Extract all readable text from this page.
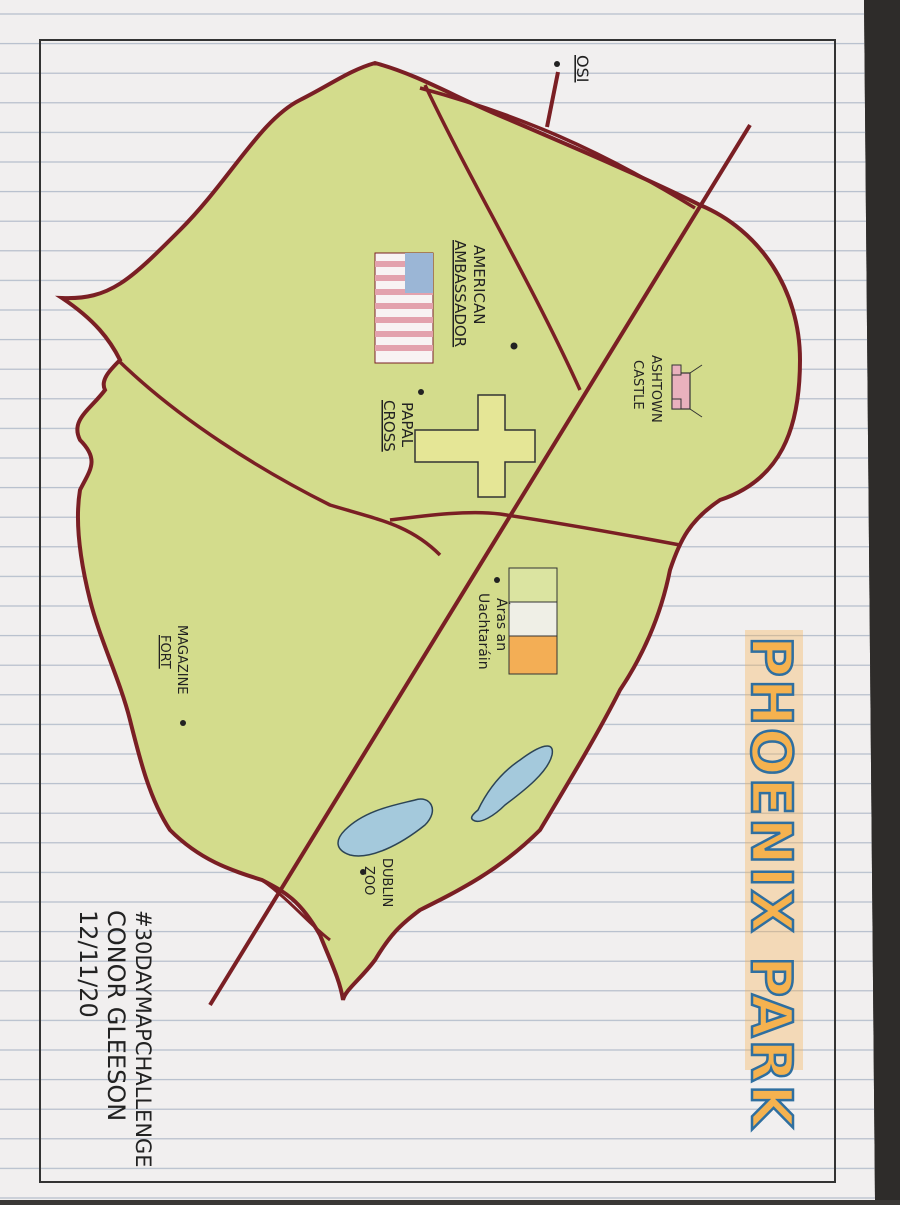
OSI
AMERICAN
AMBASSADOR
ASHTOWN
CASTLE
PAPAL
CROSS
Áras an
Uachtaráin
MAGAZINE
FORT
DUBLIN
ZOO
#30DAYMAPCHALLENGE
CONOR GLEESON
12/11/20	PHOENIX PARK
